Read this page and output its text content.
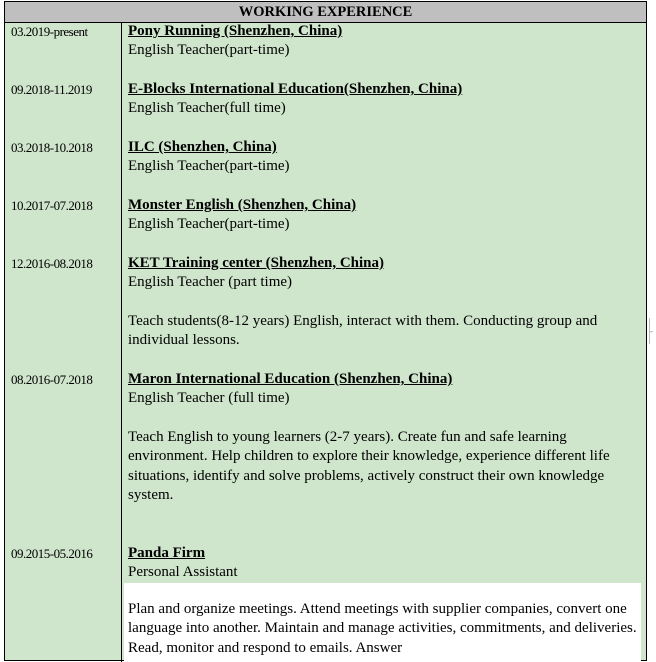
WORKING EXPERIENCE
03.2019-present	Pony Running (Shenzhen, China)
English Teacher(part-time)
09.2018-11.2019 E-Blocks International Education(Shenzhen, China)
English Teacher(full time)
03.2018-10.2018 ILC (Shenzhen, China)
English Teacher(part-time)
10.2017-07.2018 Monster English (Shenzhen, China)
English Teacher(part-time)
12.2016-08.2018 KET Training center (Shenzhen, China)
English Teacher (part time)
Teach students(8-12 years) English, interact with them. Conducting group and individual lessons.
08.2016-07.2018 Maron International Education (Shenzhen, China)
English Teacher (full time)
Teach English to young learners (2-7 years). Create fun and safe learning environment. Help children to explore their knowledge, experience different life situations, identify and solve problems, actively construct their own knowledge system.
09.2015-05.2016 Panda Firm
Personal Assistant
Plan and organize meetings. Attend meetings with supplier companies, convert one language into another. Maintain and manage activities, commitments, and deliveries. Read, monitor and respond to emails. Answer
-
